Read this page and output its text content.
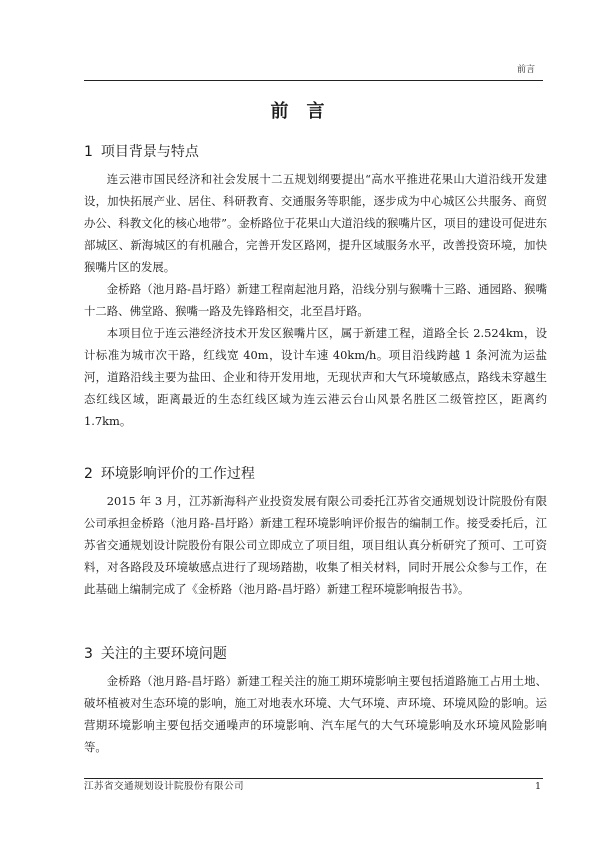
前言
前言
1 项目背景与特点

连云港市国民经济和社会发展十二五规划纲要提出“高水平推进花果山大道沿线开发建设，加快拓展产业、居住、科研教育、交通服务等职能，逐步成为中心城区公共服务、商贸办公、科教文化的核心地带”。金桥路位于花果山大道沿线的猴嘴片区，项目的建设可促进东部城区、新海城区的有机融合，完善开发区路网，提升区域服务水平，改善投资环境，加快猴嘴片区的发展。

金桥路（池月路-昌圩路）新建工程南起池月路，沿线分别与猴嘴十三路、通园路、猴嘴十二路、佛堂路、猴嘴一路及先锋路相交，北至昌圩路。

本项目位于连云港经济技术开发区猴嘴片区，属于新建工程，道路全长 2.524km，设计标准为城市次干路，红线宽 40m，设计车速 40km/h。项目沿线跨越 1 条河流为运盐河，道路沿线主要为盐田、企业和待开发用地，无现状声和大气环境敏感点，路线未穿越生态红线区域，距离最近的生态红线区域为连云港云台山风景名胜区二级管控区，距离约 1.7km。

2 环境影响评价的工作过程

2015 年 3 月，江苏新海科产业投资发展有限公司委托江苏省交通规划设计院股份有限公司承担金桥路（池月路-昌圩路）新建工程环境影响评价报告的编制工作。接受委托后，江苏省交通规划设计院股份有限公司立即成立了项目组，项目组认真分析研究了预可、工可资料，对各路段及环境敏感点进行了现场踏勘，收集了相关材料，同时开展公众参与工作，在此基础上编制完成了《金桥路（池月路-昌圩路）新建工程环境影响报告书》。

3 关注的主要环境问题

金桥路（池月路-昌圩路）新建工程关注的施工期环境影响主要包括道路施工占用土地、破坏植被对生态环境的影响，施工对地表水环境、大气环境、声环境、环境风险的影响。运营期环境影响主要包括交通噪声的环境影响、汽车尾气的大气环境影响及水环境风险影响等。

江苏省交通规划设计院股份有限公司	1
